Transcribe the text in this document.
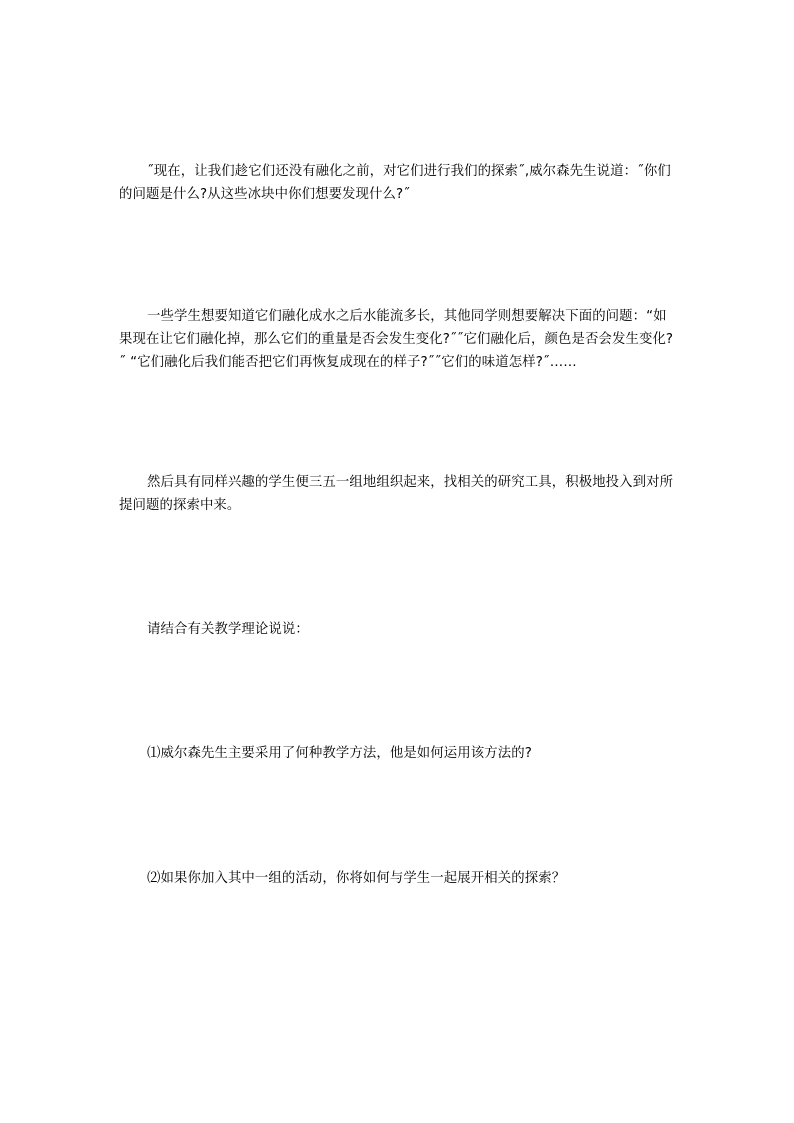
˝现在，让我们趁它们还没有融化之前，对它们进行我们的探索˝,威尔森先生说道：˝你们的问题是什么?从这些冰块中你们想要发现什么?˝

一些学生想要知道它们融化成水之后水能流多长，其他同学则想要解决下面的问题：“如果现在让它们融化掉，那么它们的重量是否会发生变化?˝˝它们融化后，颜色是否会发生变化?˝ “它们融化后我们能否把它们再恢复成现在的样子?˝˝它们的味道怎样?˝……

然后具有同样兴趣的学生便三五一组地组织起来，找相关的研究工具，积极地投入到对所提问题的探索中来。

请结合有关教学理论说说：

⑴威尔森先生主要采用了何种教学方法，他是如何运用该方法的?

⑵如果你加入其中一组的活动，你将如何与学生一起展开相关的探索？
